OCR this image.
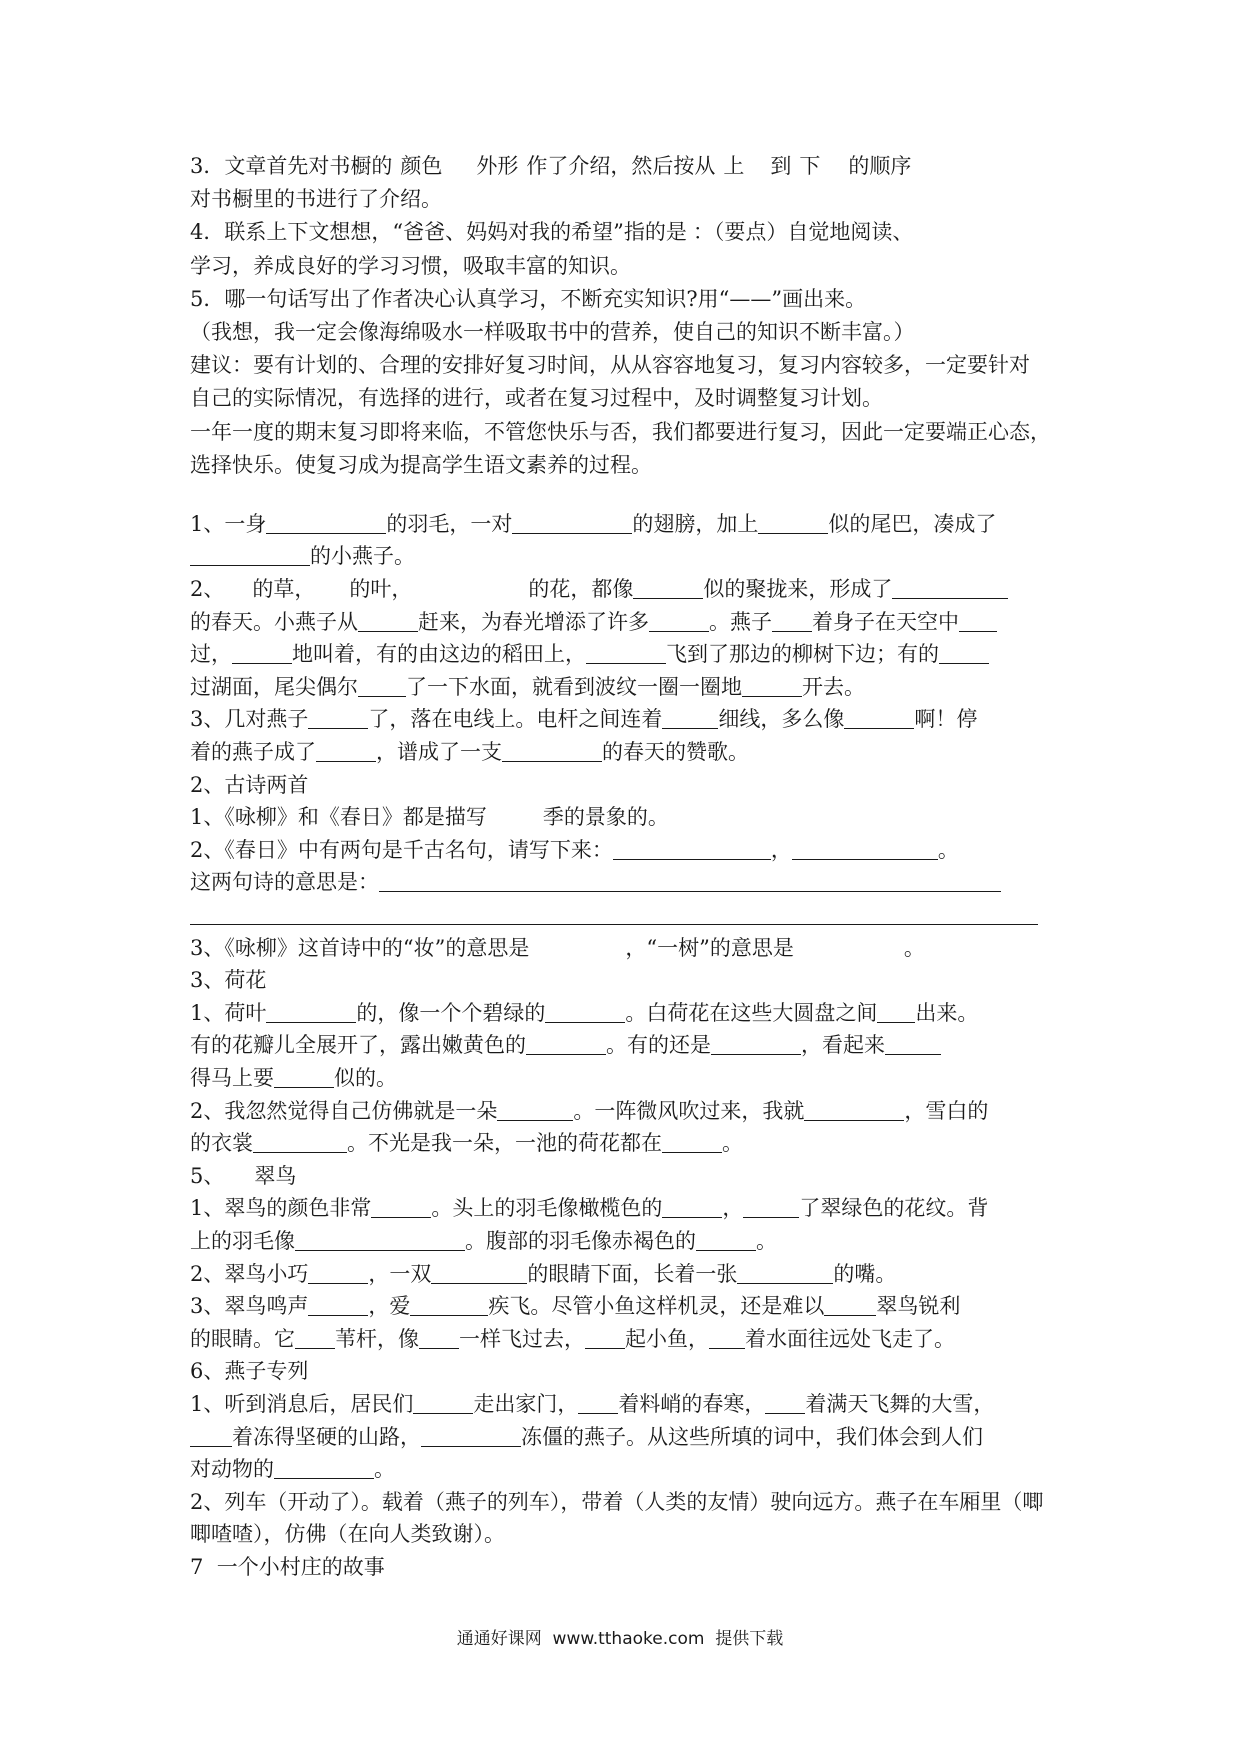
3．文章首先对书橱的 颜色 外形 作了介绍，然后按从 上 到 下 的顺序
对书橱里的书进行了介绍。
4．联系上下文想想，“爸爸、妈妈对我的希望”指的是 ：（要点）自觉地阅读、
学习，养成良好的学习习惯，吸取丰富的知识。
5．哪一句话写出了作者决心认真学习，不断充实知识?用“——”画出来。
（我想，我一定会像海绵吸水一样吸取书中的营养，使自己的知识不断丰富。）
建议：要有计划的、合理的安排好复习时间，从从容容地复习，复习内容较多，一定要针对
自己的实际情况，有选择的进行，或者在复习过程中，及时调整复习计划。
一年一度的期末复习即将来临，不管您快乐与否，我们都要进行复习，因此一定要端正心态，
选择快乐。使复习成为提高学生语文素养的过程。
1、一身	的羽毛，一对	的翅膀，加上	似的尾巴，凑成了
的小燕子。
2、 的草， 的叶，	的花，都像	似的聚拢来，形成了
的春天。小燕子从	赶来，为春光增添了许多	。燕子 着身子在天空中
过，	地叫着，有的由这边的稻田上，	飞到了那边的柳树下边；有的
过湖面，尾尖偶尔 了一下水面，就看到波纹一圈一圈地	开去。
3、几对燕子	了，落在电线上。电杆之间连着	细线，多么像	啊！停
着的燕子成了	，谱成了一支	的春天的赞歌。
2、古诗两首
1、《咏柳》和《春日》都是描写	季的景象的。
2、《春日》中有两句是千古名句，请写下来：	，	。
这两句诗的意思是：
3、《咏柳》这首诗中的“妆”的意思是	，“一树”的意思是	。
3、荷花
1、荷叶	的，像一个个碧绿的	。白荷花在这些大圆盘之间 出来。
有的花瓣儿全展开了，露出嫩黄色的	。有的还是	，看起来
得马上要	似的。
2、我忽然觉得自己仿佛就是一朵	。一阵微风吹过来，我就	，雪白的
的衣裳	。不光是我一朵，一池的荷花都在	。
5、 翠鸟
1、翠鸟的颜色非常	。头上的羽毛像橄榄色的	，	了翠绿色的花纹。背
上的羽毛像	。腹部的羽毛像赤褐色的	。
2、翠鸟小巧	，一双	的眼睛下面，长着一张	的嘴。
3、翠鸟鸣声	，爱	疾飞。尽管小鱼这样机灵，还是难以 翠鸟锐利
的眼睛。它 苇杆，像 一样飞过去， 起小鱼， 着水面往远处飞走了。
6、燕子专列
1、听到消息后，居民们	走出家门， 着料峭的春寒， 着满天飞舞的大雪，
着冻得坚硬的山路，	冻僵的燕子。从这些所填的词中，我们体会到人们
对动物的	。
2、列车（开动了）。载着（燕子的列车），带着（人类的友情）驶向远方。燕子在车厢里（唧
唧喳喳），仿佛（在向人类致谢）。
7  一个小村庄的故事
通通好课网  www.tthaoke.com  提供下载
